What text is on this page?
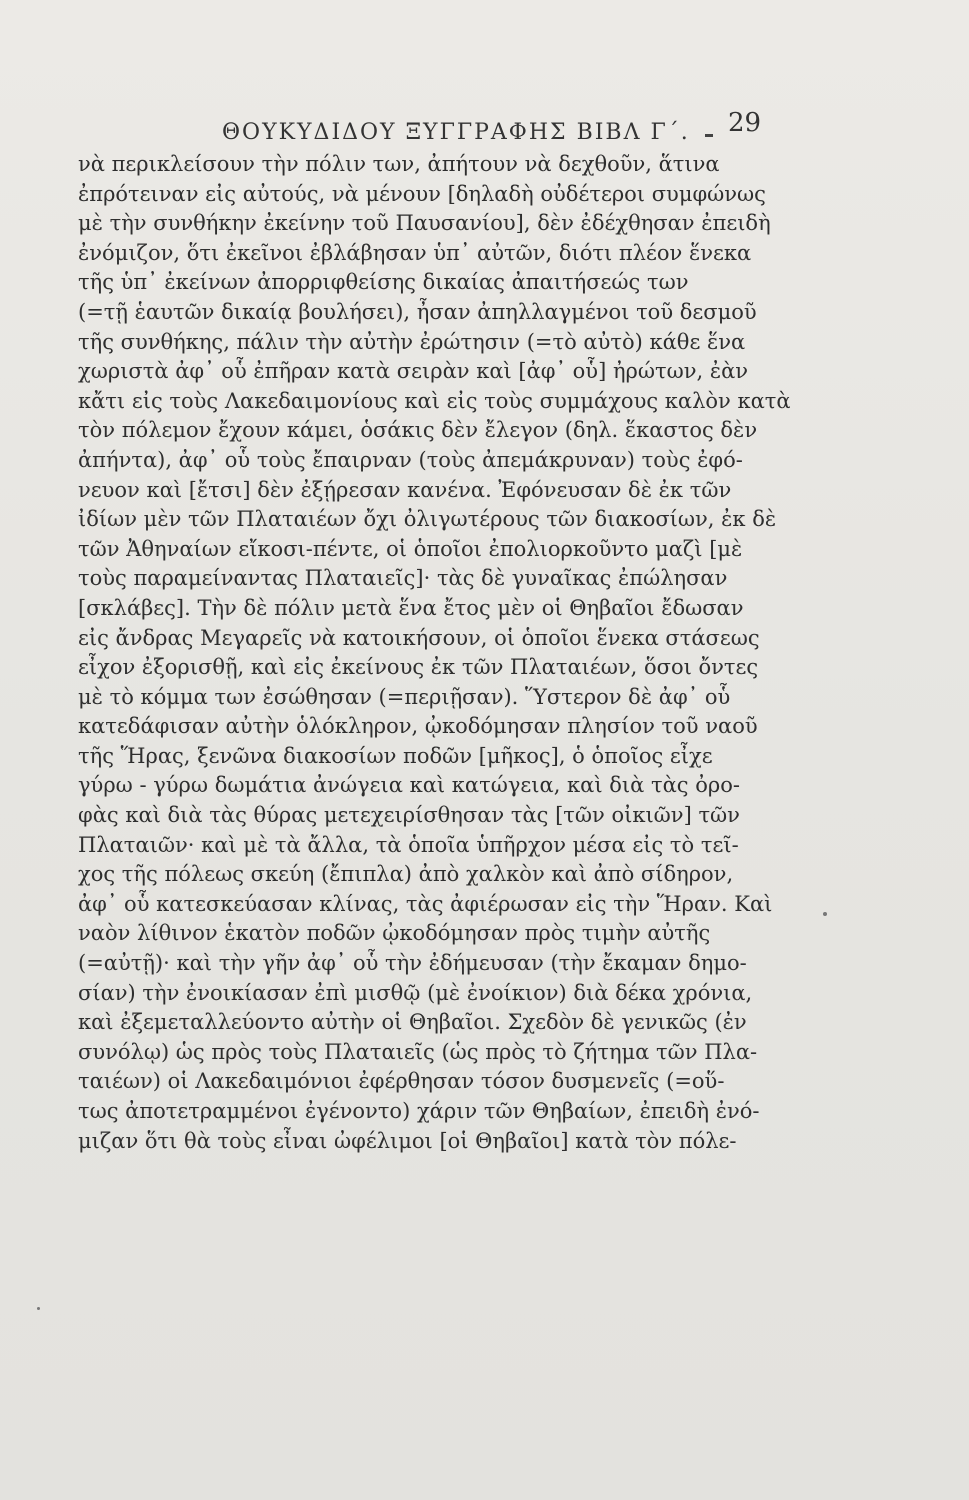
ΘΟΥΚΥΔΙΔΟΥ ΞΥΓΓΡΑΦΗΣ ΒΙΒΛ Γ΄. 29
νὰ περικλείσουν τὴν πόλιν των, ἀπήτουν νὰ δεχθοῦν, ἅτινα
ἐπρότειναν εἰς αὐτούς, νὰ μένουν [δηλαδὴ οὐδέτεροι συμφώνως
μὲ τὴν συνθήκην ἐκείνην τοῦ Παυσανίου], δὲν ἐδέχθησαν ἐπειδὴ
ἐνόμιζον, ὅτι ἐκεῖνοι ἐβλάβησαν ὑπ᾽ αὐτῶν, διότι πλέον ἕνεκα
τῆς ὑπ᾽ ἐκείνων ἀπορριφθείσης δικαίας ἀπαιτήσεώς των
(=τῇ ἑαυτῶν δικαίᾳ βουλήσει), ἦσαν ἀπηλλαγμένοι τοῦ δεσμοῦ
τῆς συνθήκης, πάλιν τὴν αὐτὴν ἐρώτησιν (=τὸ αὐτὸ) κάθε ἕνα
χωριστὰ ἀφ᾽ οὗ ἐπῆραν κατὰ σειρὰν καὶ [ἀφ᾽ οὗ] ἠρώτων, ἐὰν
κἄτι εἰς τοὺς Λακεδαιμονίους καὶ εἰς τοὺς συμμάχους καλὸν κατὰ
τὸν πόλεμον ἔχουν κάμει, ὁσάκις δὲν ἔλεγον (δηλ. ἕκαστος δὲν
ἀπήντα), ἀφ᾽ οὗ τοὺς ἔπαιρναν (τοὺς ἀπεμάκρυναν) τοὺς ἐφό-
νευον καὶ [ἔτσι] δὲν ἐξῄρεσαν κανένα. Ἐφόνευσαν δὲ ἐκ τῶν
ἰδίων μὲν τῶν Πλαταιέων ὄχι ὀλιγωτέρους τῶν διακοσίων, ἐκ δὲ
τῶν Ἀθηναίων εἴκοσι-πέντε, οἱ ὁποῖοι ἐπολιορκοῦντο μαζὶ [μὲ
τοὺς παραμείναντας Πλαταιεῖς]· τὰς δὲ γυναῖκας ἐπώλησαν
[σκλάβες]. Τὴν δὲ πόλιν μετὰ ἕνα ἔτος μὲν οἱ Θηβαῖοι ἔδωσαν
εἰς ἄνδρας Μεγαρεῖς νὰ κατοικήσουν, οἱ ὁποῖοι ἕνεκα στάσεως
εἶχον ἐξορισθῇ, καὶ εἰς ἐκείνους ἐκ τῶν Πλαταιέων, ὅσοι ὄντες
μὲ τὸ κόμμα των ἐσώθησαν (=περιῇσαν). Ὕστερον δὲ ἀφ᾽ οὗ
κατεδάφισαν αὐτὴν ὁλόκληρον, ᾠκοδόμησαν πλησίον τοῦ ναοῦ
τῆς Ἥρας, ξενῶνα διακοσίων ποδῶν [μῆκος], ὁ ὁποῖος εἶχε
γύρω - γύρω δωμάτια ἀνώγεια καὶ κατώγεια, καὶ διὰ τὰς ὀρο-
φὰς καὶ διὰ τὰς θύρας μετεχειρίσθησαν τὰς [τῶν οἰκιῶν] τῶν
Πλαταιῶν· καὶ μὲ τὰ ἄλλα, τὰ ὁποῖα ὑπῆρχον μέσα εἰς τὸ τεῖ-
χος τῆς πόλεως σκεύη (ἔπιπλα) ἀπὸ χαλκὸν καὶ ἀπὸ σίδηρον,
ἀφ᾽ οὗ κατεσκεύασαν κλίνας, τὰς ἀφιέρωσαν εἰς τὴν Ἥραν. Καὶ
ναὸν λίθινον ἑκατὸν ποδῶν ᾠκοδόμησαν πρὸς τιμὴν αὐτῆς
(=αὐτῇ)· καὶ τὴν γῆν ἀφ᾽ οὗ τὴν ἐδήμευσαν (τὴν ἔκαμαν δημο-
σίαν) τὴν ἐνοικίασαν ἐπὶ μισθῷ (μὲ ἐνοίκιον) διὰ δέκα χρόνια,
καὶ ἐξεμεταλλεύοντο αὐτὴν οἱ Θηβαῖοι. Σχεδὸν δὲ γενικῶς (ἐν
συνόλῳ) ὡς πρὸς τοὺς Πλαταιεῖς (ὡς πρὸς τὸ ζήτημα τῶν Πλα-
ταιέων) οἱ Λακεδαιμόνιοι ἐφέρθησαν τόσον δυσμενεῖς (=οὕ-
τως ἀποτετραμμένοι ἐγένοντο) χάριν τῶν Θηβαίων, ἐπειδὴ ἐνό-
μιζαν ὅτι θὰ τοὺς εἶναι ὠφέλιμοι [οἱ Θηβαῖοι] κατὰ τὸν πόλε-
